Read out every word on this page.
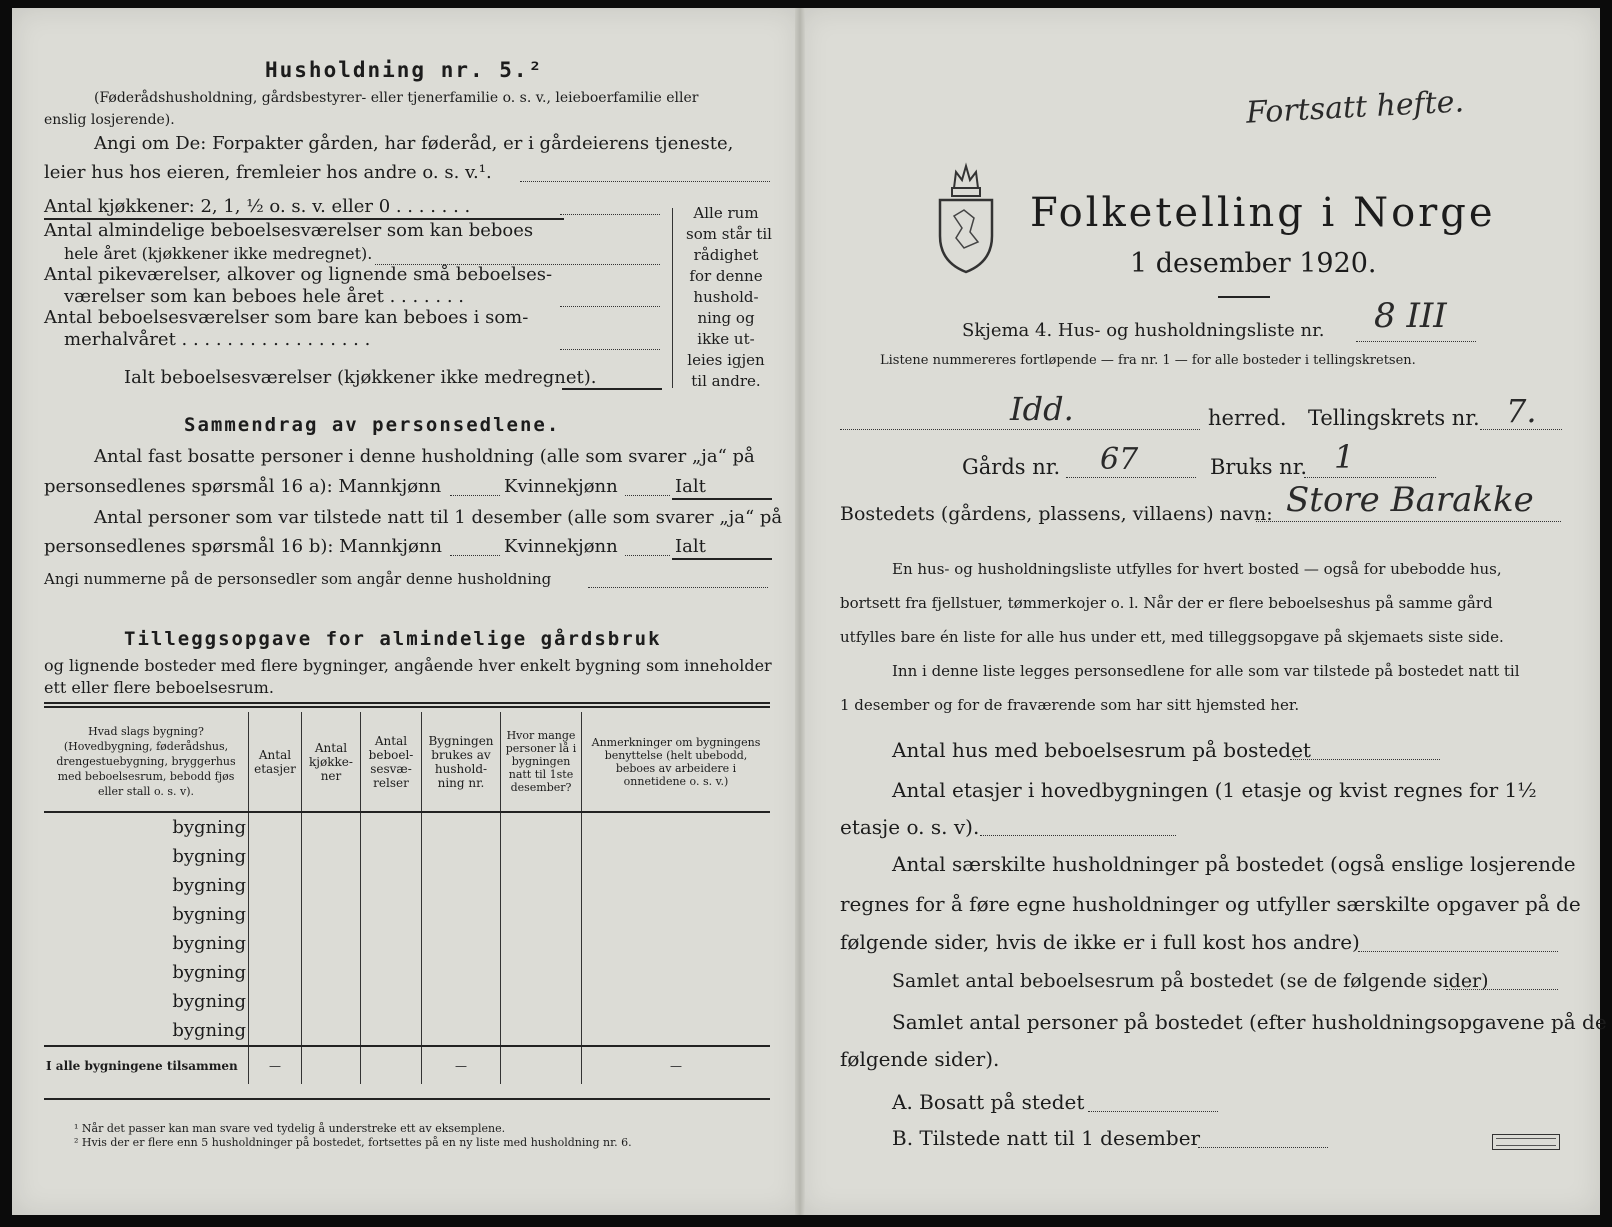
Husholdning nr. 5.²
(Føderådshusholdning, gårdsbestyrer- eller tjenerfamilie o. s. v., leieboerfamilie eller
enslig losjerende).
Angi om De: Forpakter gården, har føderåd, er i gårdeierens tjeneste,
leier hus hos eieren, fremleier hos andre o. s. v.¹.
Antal kjøkkener: 2, 1, ½ o. s. v. eller 0 . . . . . . .
Antal almindelige beboelsesværelser som kan beboes
hele året (kjøkkener ikke medregnet).
Antal pikeværelser, alkover og lignende små beboelses-
værelser som kan beboes hele året . . . . . . .
Antal beboelsesværelser som bare kan beboes i som-
merhalvåret . . . . . . . . . . . . . . . . .
Ialt beboelsesværelser (kjøkkener ikke medregnet).
Alle rum
som står til
rådighet
for denne
hushold-
ning og
ikke ut-
leies igjen
til andre.
Sammendrag av personsedlene.
Antal fast bosatte personer i denne husholdning (alle som svarer „ja“ på
personsedlenes spørsmål 16 a): Mannkjønn	Kvinnekjønn	Ialt
Antal personer som var tilstede natt til 1 desember (alle som svarer „ja“ på
personsedlenes spørsmål 16 b): Mannkjønn	Kvinnekjønn	Ialt
Angi nummerne på de personsedler som angår denne husholdning
Tilleggsopgave for almindelige gårdsbruk
og lignende bosteder med flere bygninger, angående hver enkelt bygning som inneholder
ett eller flere beboelsesrum.
Hvad slags bygning? (Hovedbygning, føderådshus, drengestuebygning, bryggerhus med beboelsesrum, bebodd fjøs eller stall o. s. v).	Antal etasjer	Antal kjøkke-ner	Antal beboel-sesvæ-relser	Bygningen brukes av hushold-ning nr.	Hvor mange personer lå i bygningen natt til 1ste desember?	Anmerkninger om bygningens benyttelse (helt ubebodd, beboes av arbeidere i onnetidene o. s. v.)
bygning						
bygning						
bygning						
bygning						
bygning						
bygning						
bygning						
bygning						
I alle bygningene tilsammen	—			—		—
¹ Når det passer kan man svare ved tydelig å understreke ett av eksemplene.
² Hvis der er flere enn 5 husholdninger på bostedet, fortsettes på en ny liste med husholdning nr. 6.
Fortsatt hefte.
Folketelling i Norge
1 desember 1920.
Skjema 4. Hus- og husholdningsliste nr. 8 III
Listene nummereres fortløpende — fra nr. 1 — for alle bosteder i tellingskretsen.
Idd.	herred. Tellingskrets nr. 7.
Gårds nr. 67	Bruks nr. 1
Bostedets (gårdens, plassens, villaens) navn: Store Barakke
En hus- og husholdningsliste utfylles for hvert bosted — også for ubebodde hus,
bortsett fra fjellstuer, tømmerkojer o. l. Når der er flere beboelseshus på samme gård
utfylles bare én liste for alle hus under ett, med tilleggsopgave på skjemaets siste side.
Inn i denne liste legges personsedlene for alle som var tilstede på bostedet natt til
1 desember og for de fraværende som har sitt hjemsted her.
Antal hus med beboelsesrum på bostedet
Antal etasjer i hovedbygningen (1 etasje og kvist regnes for 1½
etasje o. s. v).
Antal særskilte husholdninger på bostedet (også enslige losjerende
regnes for å føre egne husholdninger og utfyller særskilte opgaver på de
følgende sider, hvis de ikke er i full kost hos andre)
Samlet antal beboelsesrum på bostedet (se de følgende sider)
Samlet antal personer på bostedet (efter husholdningsopgavene på de
følgende sider).
A. Bosatt på stedet
B. Tilstede natt til 1 desember
